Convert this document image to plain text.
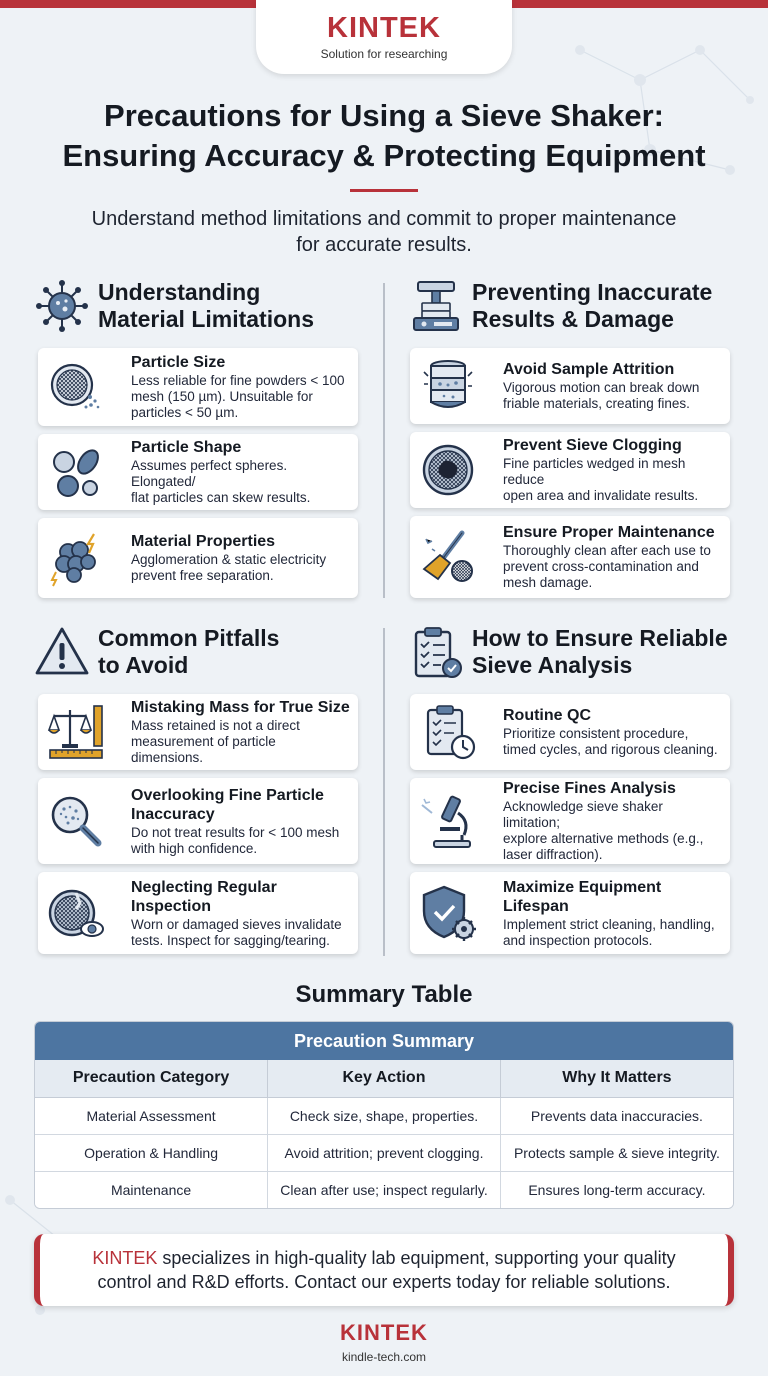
KINTEK
Solution for researching
Precautions for Using a Sieve Shaker:
Ensuring Accuracy & Protecting Equipment
Understand method limitations and commit to proper maintenance
for accurate results.
Understanding
Material Limitations
Particle Size

Less reliable for fine powders < 100
mesh (150 µm). Unsuitable for
particles < 50 µm.

Particle Shape

Assumes perfect spheres. Elongated/
flat particles can skew results.

Material Properties

Agglomeration & static electricity
prevent free separation.

Preventing Inaccurate
Results & Damage
Avoid Sample Attrition

Vigorous motion can break down
friable materials, creating fines.

Prevent Sieve Clogging

Fine particles wedged in mesh reduce
open area and invalidate results.

Ensure Proper Maintenance

Thoroughly clean after each use to
prevent cross-contamination and
mesh damage.

Common Pitfalls
to Avoid
Mistaking Mass for True Size

Mass retained is not a direct
measurement of particle dimensions.

Overlooking Fine Particle
Inaccuracy

Do not treat results for < 100 mesh
with high confidence.

Neglecting Regular Inspection

Worn or damaged sieves invalidate
tests. Inspect for sagging/tearing.

How to Ensure Reliable
Sieve Analysis
Routine QC

Prioritize consistent procedure,
timed cycles, and rigorous cleaning.

Precise Fines Analysis

Acknowledge sieve shaker limitation;
explore alternative methods (e.g.,
laser diffraction).

Maximize Equipment Lifespan

Implement strict cleaning, handling,
and inspection protocols.

Summary Table
Precaution Summary
Precaution Category	Key Action	Why It Matters
Material Assessment	Check size, shape, properties.	Prevents data inaccuracies.
Operation & Handling	Avoid attrition; prevent clogging.	Protects sample & sieve integrity.
Maintenance	Clean after use; inspect regularly.	Ensures long-term accuracy.
KINTEK specializes in high-quality lab equipment, supporting your quality
control and R&D efforts. Contact our experts today for reliable solutions.
KINTEK
kindle-tech.com
